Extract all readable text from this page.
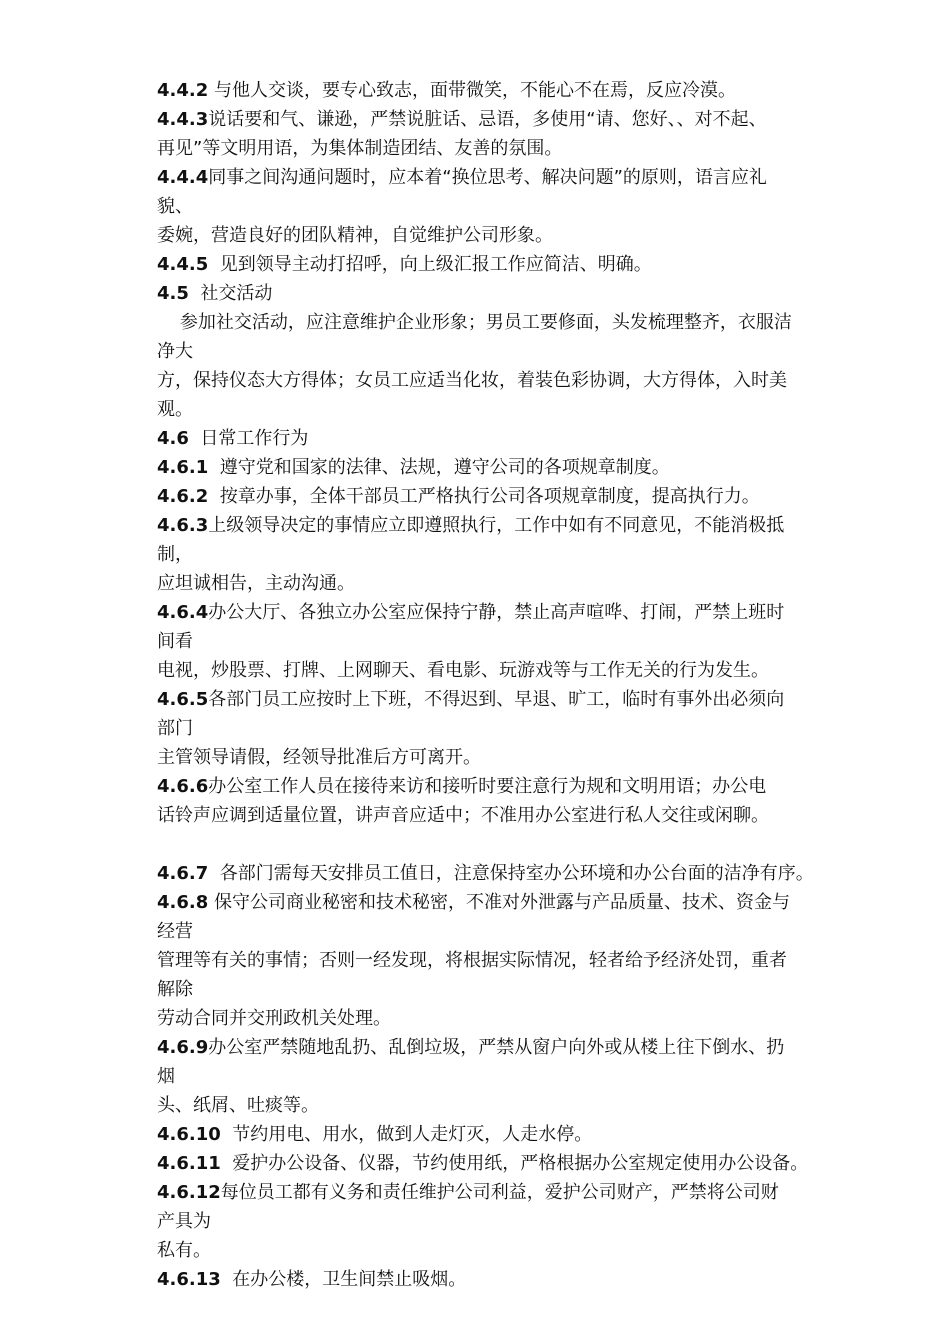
4.4.2 与他人交谈，要专心致志，面带微笑，不能心不在焉，反应冷漠。
4.4.3说话要和气、谦逊，严禁说脏话、忌语，多使用“请、您好、、对不起、
再见”等文明用语，为集体制造团结、友善的氛围。
4.4.4同事之间沟通问题时，应本着“换位思考、解决问题”的原则，语言应礼
貌、
委婉，营造良好的团队精神，自觉维护公司形象。
4.4.5  见到领导主动打招呼，向上级汇报工作应简洁、明确。
4.5  社交活动
参加社交活动，应注意维护企业形象；男员工要修面，头发梳理整齐，衣服洁
净大
方，保持仪态大方得体；女员工应适当化妆，着装色彩协调，大方得体，入时美
观。
4.6  日常工作行为
4.6.1  遵守党和国家的法律、法规，遵守公司的各项规章制度。
4.6.2  按章办事，全体干部员工严格执行公司各项规章制度，提高执行力。
4.6.3上级领导决定的事情应立即遵照执行，工作中如有不同意见，不能消极抵
制，
应坦诚相告，主动沟通。
4.6.4办公大厅、各独立办公室应保持宁静，禁止高声喧哗、打闹，严禁上班时
间看
电视，炒股票、打牌、上网聊天、看电影、玩游戏等与工作无关的行为发生。
4.6.5各部门员工应按时上下班，不得迟到、早退、旷工，临时有事外出必须向
部门
主管领导请假，经领导批准后方可离开。
4.6.6办公室工作人员在接待来访和接听时要注意行为规和文明用语；办公电
话铃声应调到适量位置，讲声音应适中；不准用办公室进行私人交往或闲聊。
4.6.7  各部门需每天安排员工值日，注意保持室办公环境和办公台面的洁净有序。
4.6.8 保守公司商业秘密和技术秘密，不准对外泄露与产品质量、技术、资金与
经营
管理等有关的事情；否则一经发现，将根据实际情况，轻者给予经济处罚，重者
解除
劳动合同并交刑政机关处理。
4.6.9办公室严禁随地乱扔、乱倒垃圾，严禁从窗户向外或从楼上往下倒水、扔
烟
头、纸屑、吐痰等。
4.6.10  节约用电、用水，做到人走灯灭，人走水停。
4.6.11  爱护办公设备、仪器，节约使用纸，严格根据办公室规定使用办公设备。
4.6.12每位员工都有义务和责任维护公司利益，爱护公司财产，严禁将公司财
产具为
私有。
4.6.13  在办公楼，卫生间禁止吸烟。
